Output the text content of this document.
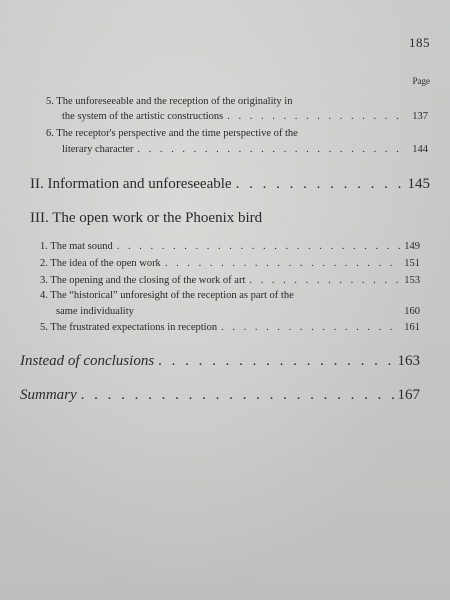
185
Page
5. The unforeseeable and the reception of the originality in
the system of the artistic constructions . . .	137
6. The receptor's perspective and the time perspective of the
literary character . . .	144
II. Information and unforeseeable . . .	145
III. The open work or the Phoenix bird
1. The mat sound . . .	149
2. The idea of the open work . . .	151
3. The opening and the closing of the work of art . . .	153
4. The “historical” unforesight of the reception as part of the
same individuality	160
5. The frustrated expectations in reception . . .	161
Instead of conclusions . . .	163
Summary . . .	167
